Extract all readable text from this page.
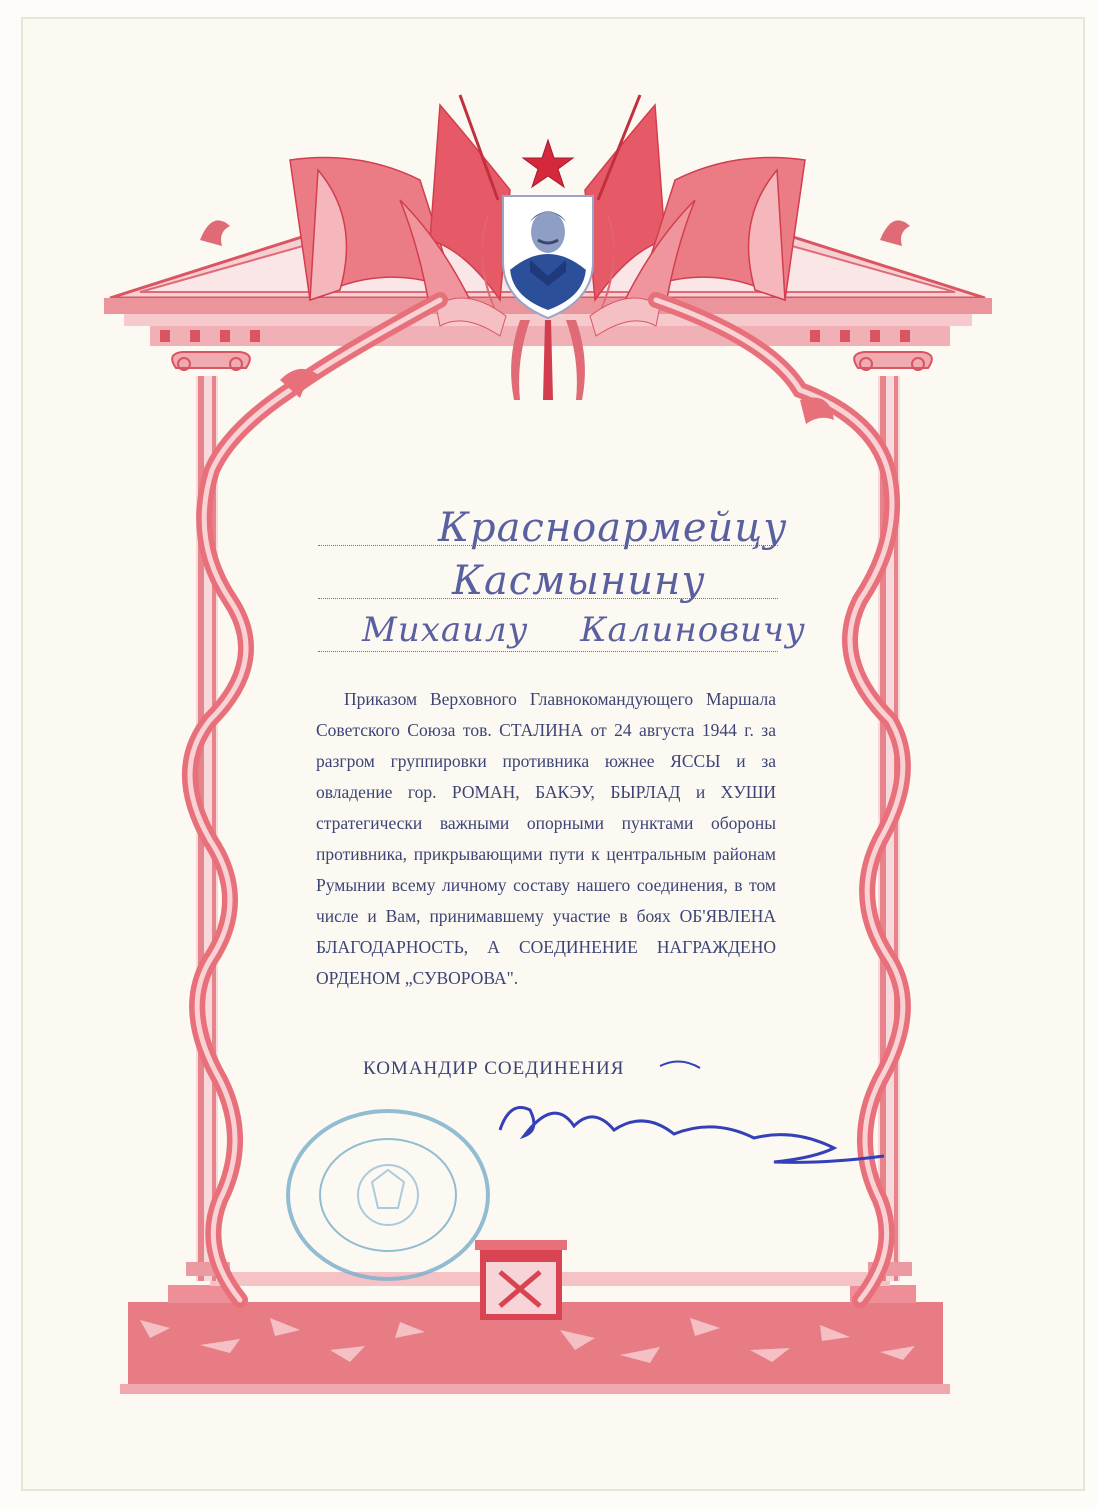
Красноармейцу
Касмынину
Михаилу Калиновичу

Приказом Верховного Главнокомандующего Маршала Советского Союза тов. СТАЛИНА от 24 августа 1944 г. за разгром группировки противника южнее ЯССЫ и за овладение гор. РОМАН, БАКЭУ, БЫРЛАД и ХУШИ стратегически важными опорными пунктами обороны противника, прикрывающими пути к центральным районам Румынии всему личному составу нашего соединения, в том числе и Вам, принимавшему участие в боях ОБ'ЯВЛЕНА БЛАГОДАРНОСТЬ, А СОЕДИНЕНИЕ НАГРАЖДЕНО ОРДЕНОМ „СУВОРОВА".

КОМАНДИР СОЕДИНЕНИЯ
